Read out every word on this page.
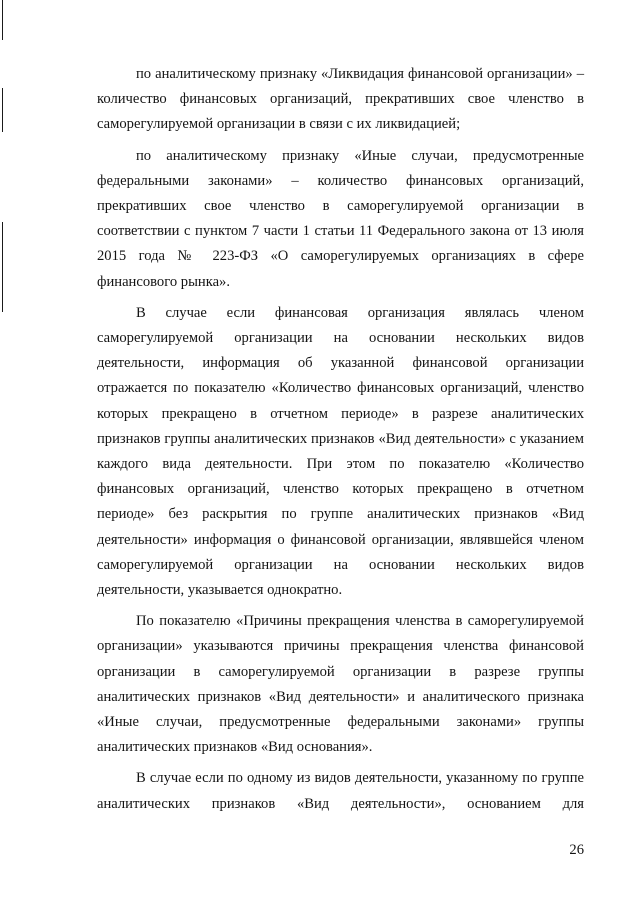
по аналитическому признаку «Ликвидация финансовой организации» – количество финансовых организаций, прекративших свое членство в саморегулируемой организации в связи с их ликвидацией;

по аналитическому признаку «Иные случаи, предусмотренные федеральными законами» – количество финансовых организаций, прекративших свое членство в саморегулируемой организации в соответствии с пунктом 7 части 1 статьи 11 Федерального закона от 13 июля 2015 года № 223-ФЗ «О саморегулируемых организациях в сфере финансового рынка».

В случае если финансовая организация являлась членом саморегулируемой организации на основании нескольких видов деятельности, информация об указанной финансовой организации отражается по показателю «Количество финансовых организаций, членство которых прекращено в отчетном периоде» в разрезе аналитических признаков группы аналитических признаков «Вид деятельности» с указанием каждого вида деятельности. При этом по показателю «Количество финансовых организаций, членство которых прекращено в отчетном периоде» без раскрытия по группе аналитических признаков «Вид деятельности» информация о финансовой организации, являвшейся членом саморегулируемой организации на основании нескольких видов деятельности, указывается однократно.

По показателю «Причины прекращения членства в саморегулируемой организации» указываются причины прекращения членства финансовой организации в саморегулируемой организации в разрезе группы аналитических признаков «Вид деятельности» и аналитического признака «Иные случаи, предусмотренные федеральными законами» группы аналитических признаков «Вид основания».

В случае если по одному из видов деятельности, указанному по группе аналитических признаков «Вид деятельности», основанием для

26
